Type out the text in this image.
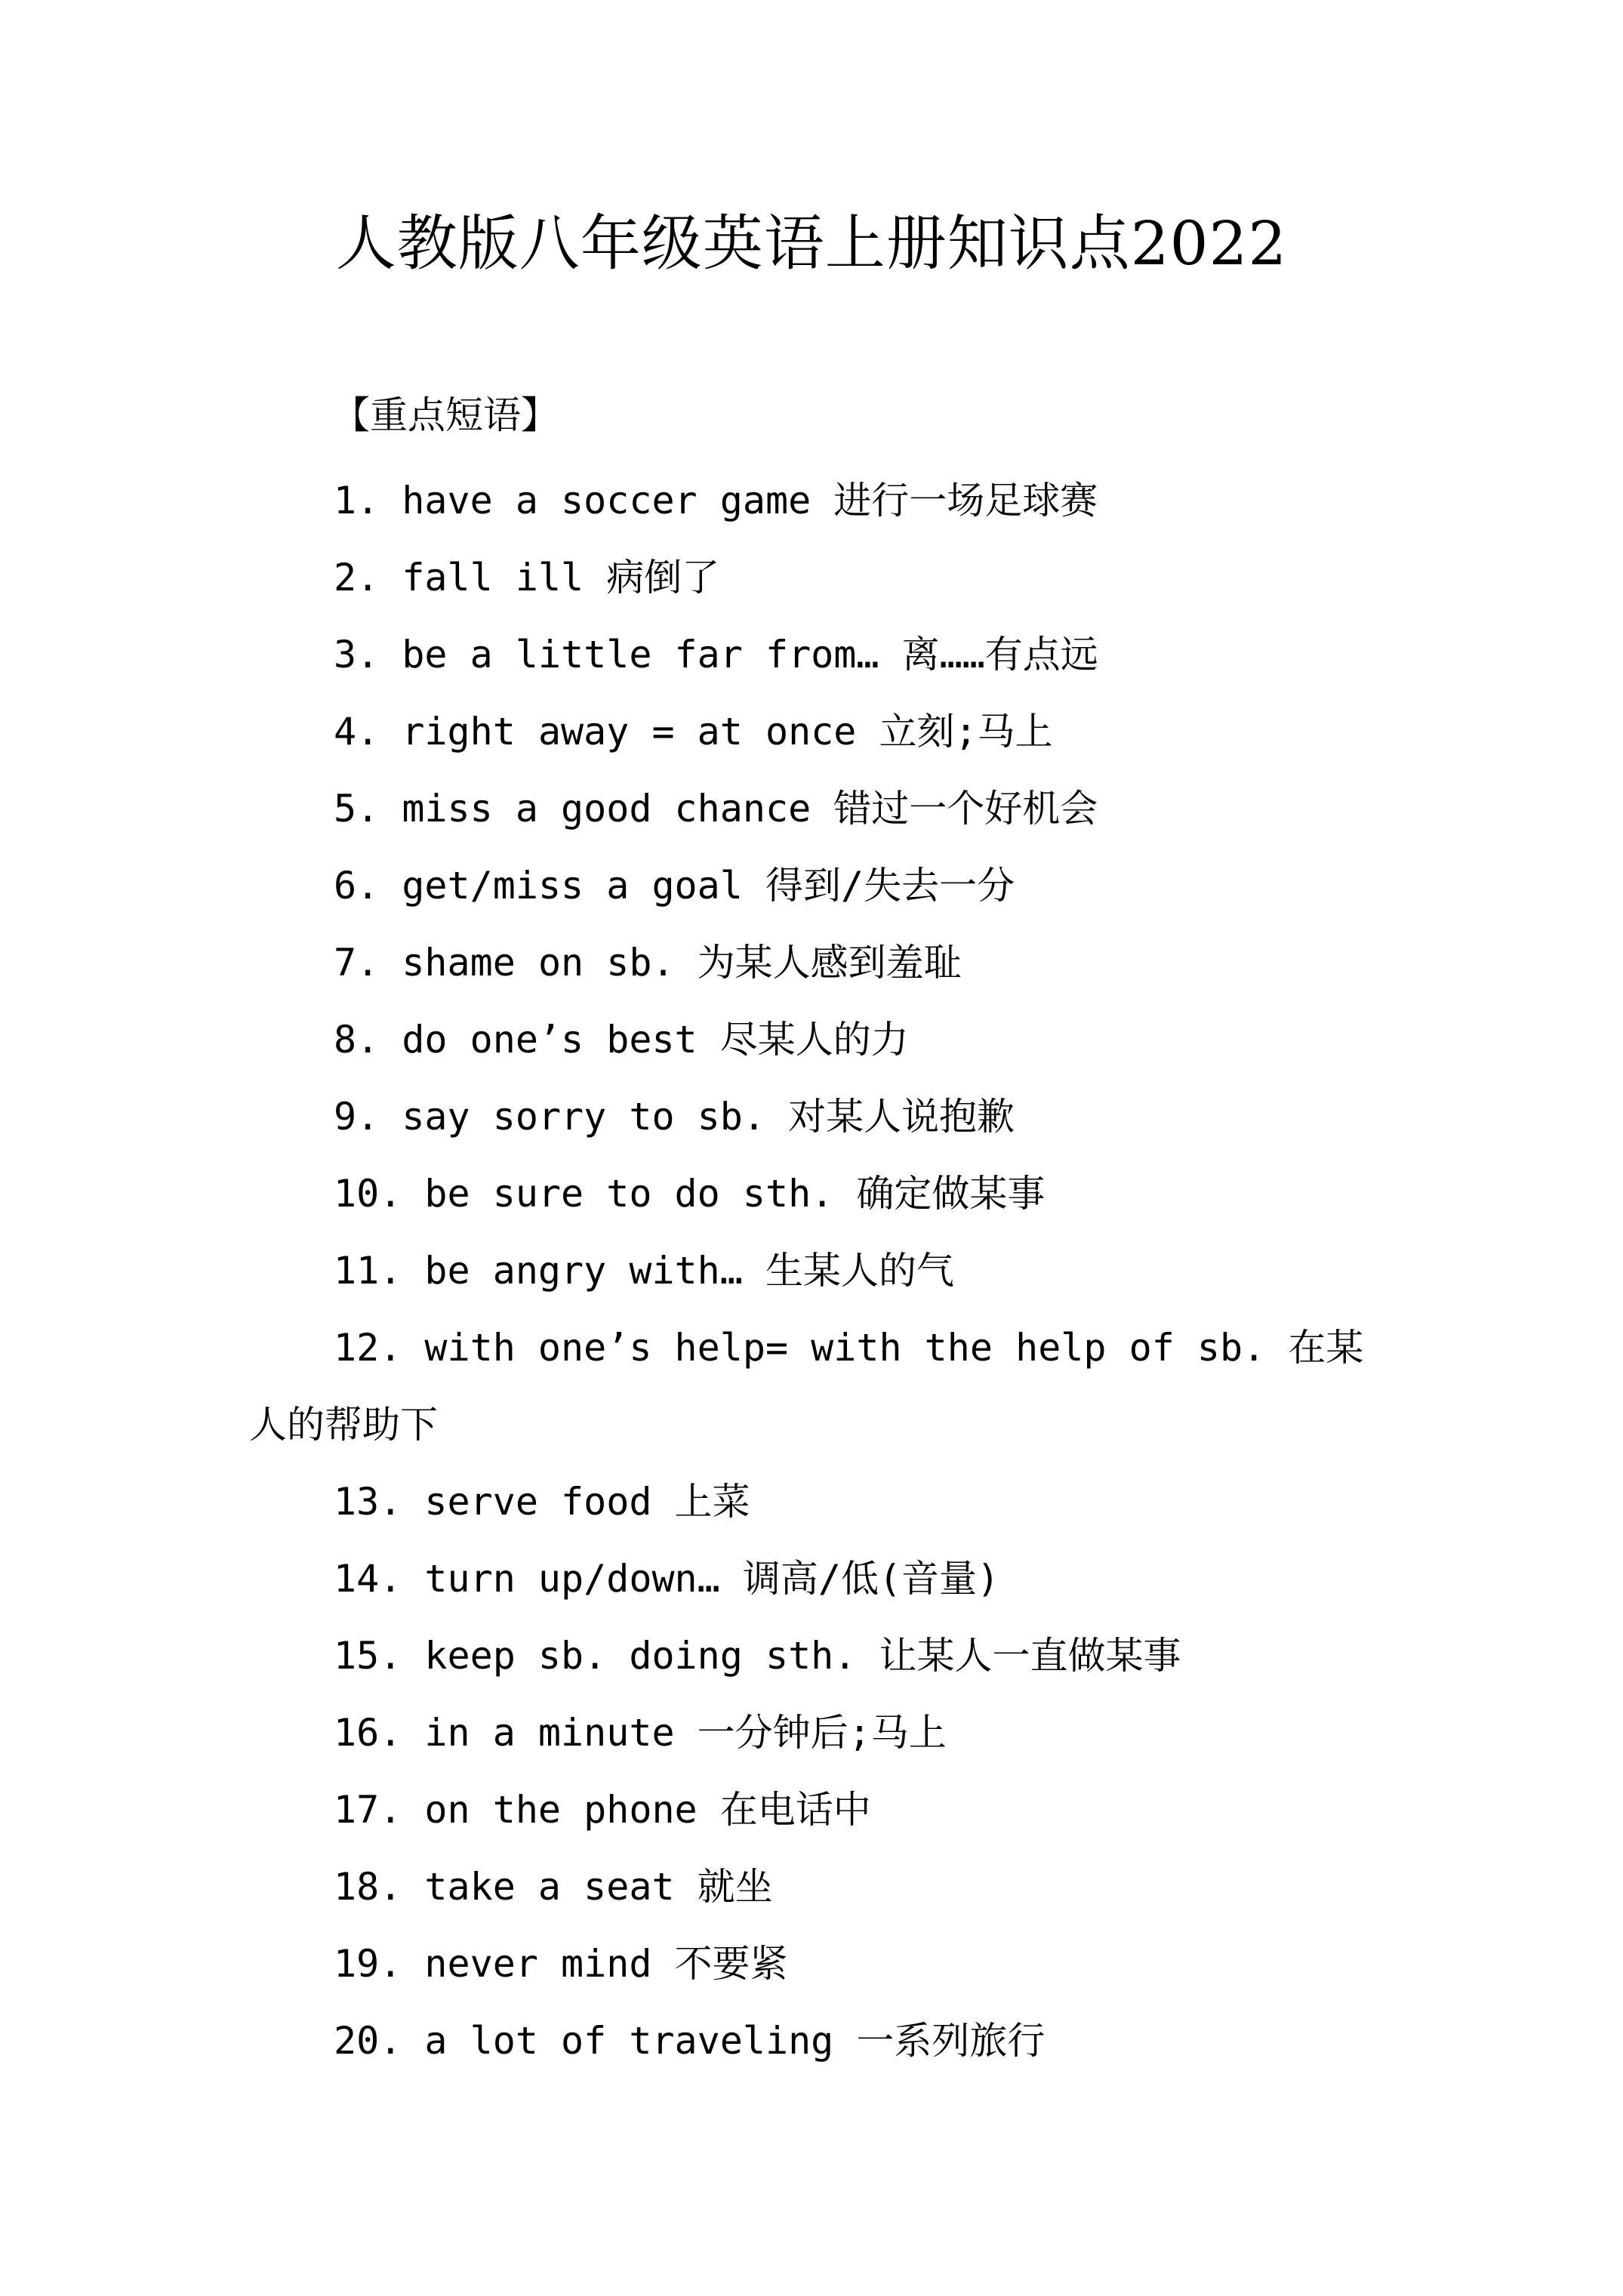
人教版八年级英语上册知识点2022
【重点短语】
1. have a soccer game 进行一场足球赛
2. fall ill 病倒了
3. be a little far from… 离……有点远
4. right away = at once 立刻;马上
5. miss a good chance 错过一个好机会
6. get/miss a goal 得到/失去一分
7. shame on sb. 为某人感到羞耻
8. do one’s best 尽某人的力
9. say sorry to sb. 对某人说抱歉
10. be sure to do sth. 确定做某事
11. be angry with… 生某人的气
12. with one’s help= with the help of sb. 在某人的帮助下
13. serve food 上菜
14. turn up/down… 调高/低(音量)
15. keep sb. doing sth. 让某人一直做某事
16. in a minute 一分钟后;马上
17. on the phone 在电话中
18. take a seat 就坐
19. never mind 不要紧
20. a lot of traveling 一系列旅行
